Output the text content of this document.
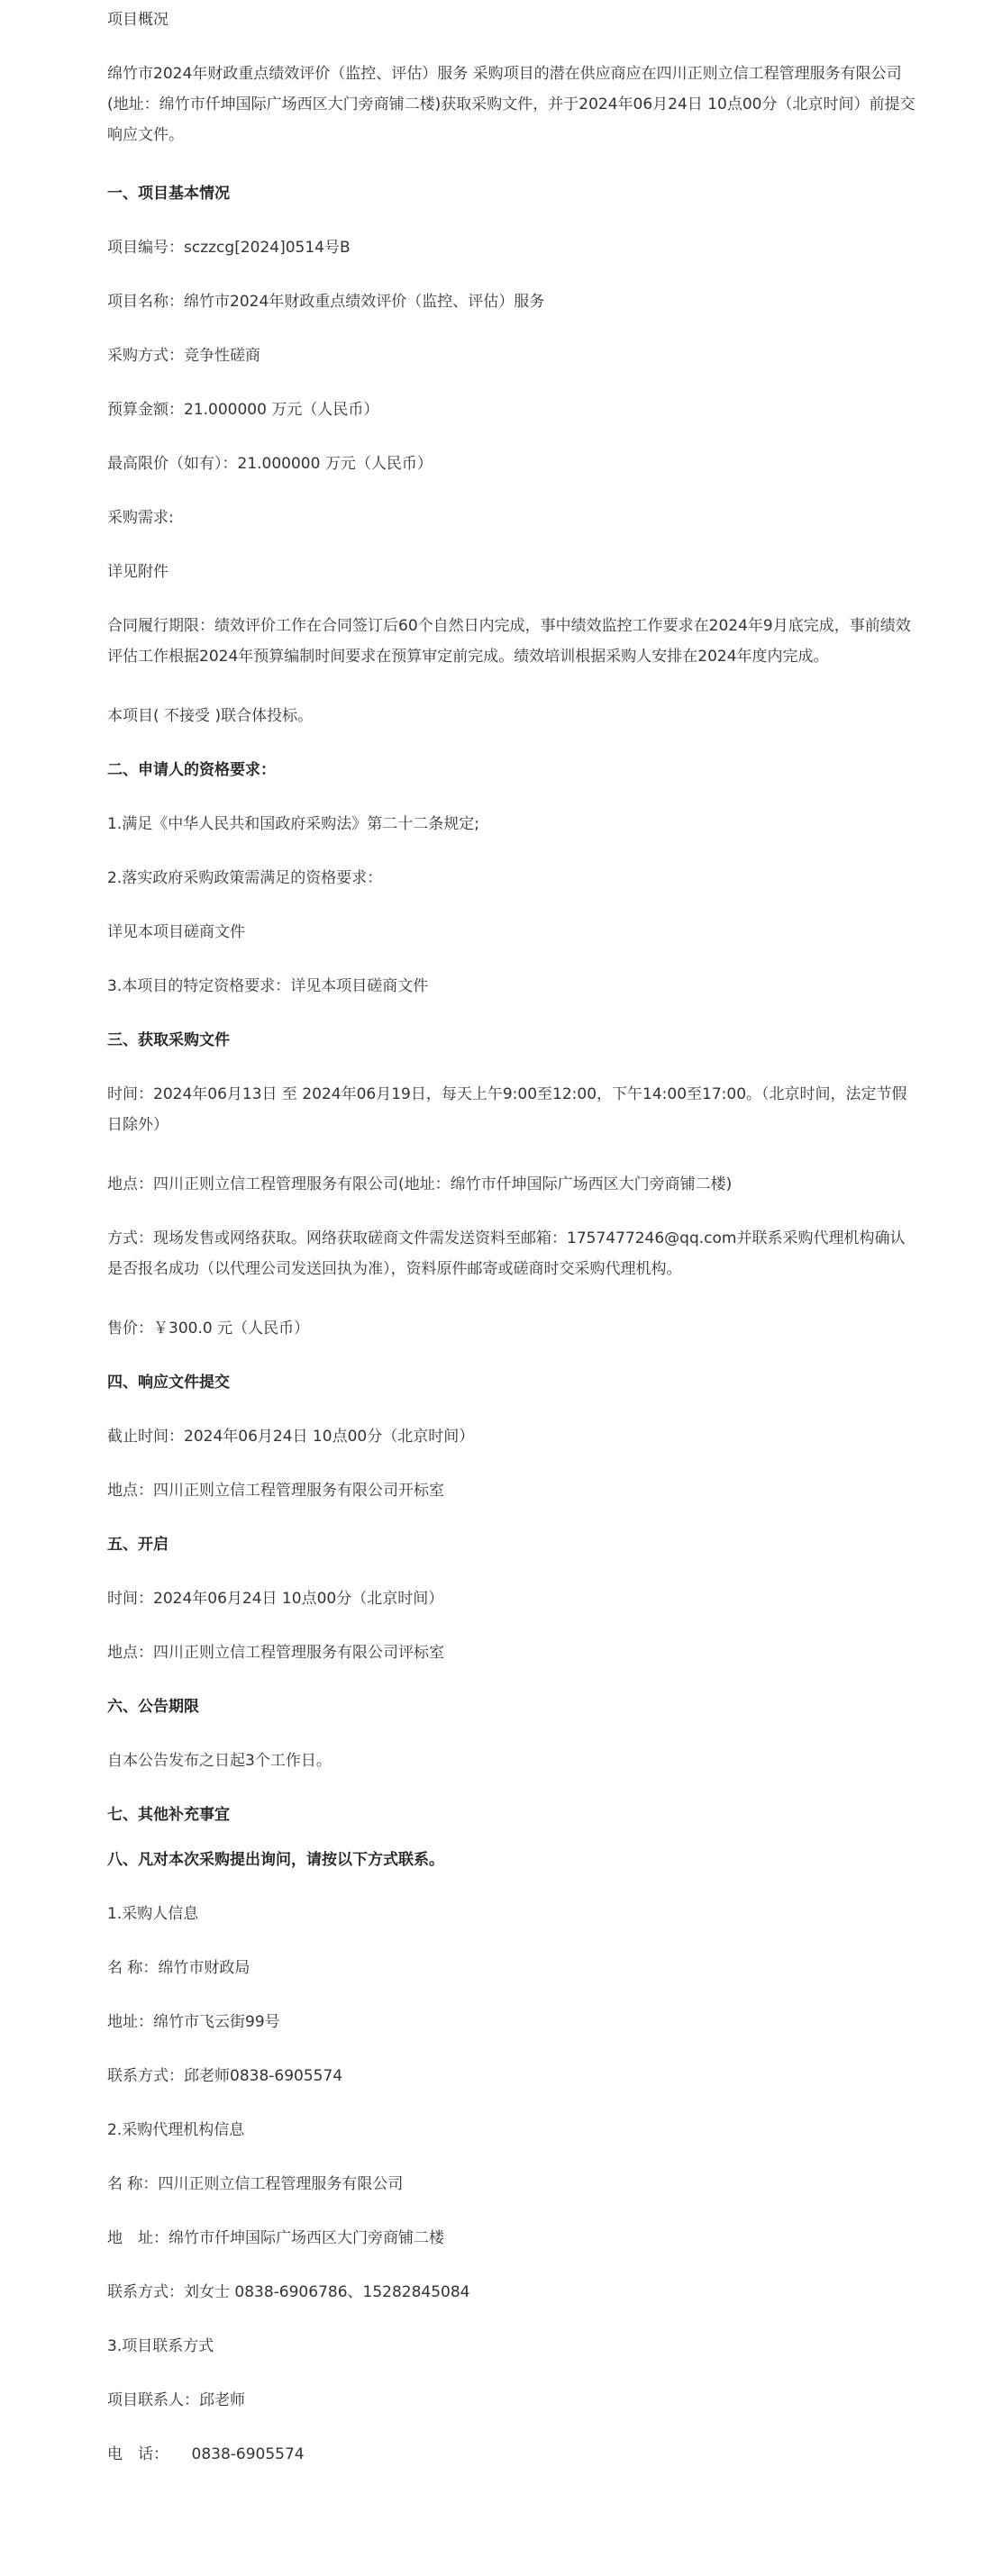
项目概况

绵竹市2024年财政重点绩效评价（监控、评估）服务 采购项目的潜在供应商应在四川正则立信工程管理服务有限公司(地址：绵竹市仟坤国际广场西区大门旁商铺二楼)获取采购文件，并于2024年06月24日 10点00分（北京时间）前提交响应文件。

一、项目基本情况

项目编号：sczzcg[2024]0514号B

项目名称：绵竹市2024年财政重点绩效评价（监控、评估）服务

采购方式：竞争性磋商

预算金额：21.000000 万元（人民币）

最高限价（如有）：21.000000 万元（人民币）

采购需求:

详见附件

合同履行期限：绩效评价工作在合同签订后60个自然日内完成，事中绩效监控工作要求在2024年9月底完成，事前绩效评估工作根据2024年预算编制时间要求在预算审定前完成。绩效培训根据采购人安排在2024年度内完成。

本项目( 不接受 )联合体投标。

二、申请人的资格要求：

1.满足《中华人民共和国政府采购法》第二十二条规定;

2.落实政府采购政策需满足的资格要求：

详见本项目磋商文件

3.本项目的特定资格要求：详见本项目磋商文件

三、获取采购文件

时间：2024年06月13日 至 2024年06月19日，每天上午9:00至12:00，下午14:00至17:00。（北京时间，法定节假日除外）

地点：四川正则立信工程管理服务有限公司(地址：绵竹市仟坤国际广场西区大门旁商铺二楼)

方式：现场发售或网络获取。网络获取磋商文件需发送资料至邮箱：1757477246@qq.com并联系采购代理机构确认是否报名成功（以代理公司发送回执为准），资料原件邮寄或磋商时交采购代理机构。

售价：￥300.0 元（人民币）

四、响应文件提交

截止时间：2024年06月24日 10点00分（北京时间）

地点：四川正则立信工程管理服务有限公司开标室

五、开启

时间：2024年06月24日 10点00分（北京时间）

地点：四川正则立信工程管理服务有限公司评标室

六、公告期限

自本公告发布之日起3个工作日。

七、其他补充事宜

八、凡对本次采购提出询问，请按以下方式联系。

1.采购人信息

名 称：绵竹市财政局

地址：绵竹市飞云街99号

联系方式：邱老师0838-6905574

2.采购代理机构信息

名 称：四川正则立信工程管理服务有限公司

地　址：绵竹市仟坤国际广场西区大门旁商铺二楼

联系方式：刘女士 0838-6906786、15282845084

3.项目联系方式

项目联系人：邱老师

电　话：　　0838-6905574
